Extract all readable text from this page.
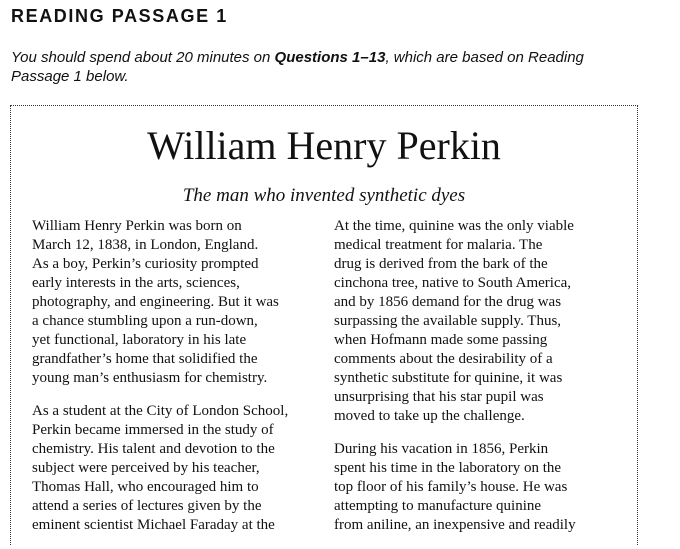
READING PASSAGE 1

You should spend about 20 minutes on Questions 1–13, which are based on Reading
Passage 1 below.

William Henry Perkin

The man who invented synthetic dyes

William Henry Perkin was born on
March 12, 1838, in London, England.
As a boy, Perkin’s curiosity prompted
early interests in the arts, sciences,
photography, and engineering. But it was
a chance stumbling upon a run-down,
yet functional, laboratory in his late
grandfather’s home that solidified the
young man’s enthusiasm for chemistry.
As a student at the City of London School,
Perkin became immersed in the study of
chemistry. His talent and devotion to the
subject were perceived by his teacher,
Thomas Hall, who encouraged him to
attend a series of lectures given by the
eminent scientist Michael Faraday at the
At the time, quinine was the only viable
medical treatment for malaria. The
drug is derived from the bark of the
cinchona tree, native to South America,
and by 1856 demand for the drug was
surpassing the available supply. Thus,
when Hofmann made some passing
comments about the desirability of a
synthetic substitute for quinine, it was
unsurprising that his star pupil was
moved to take up the challenge.
During his vacation in 1856, Perkin
spent his time in the laboratory on the
top floor of his family’s house. He was
attempting to manufacture quinine
from aniline, an inexpensive and readily
